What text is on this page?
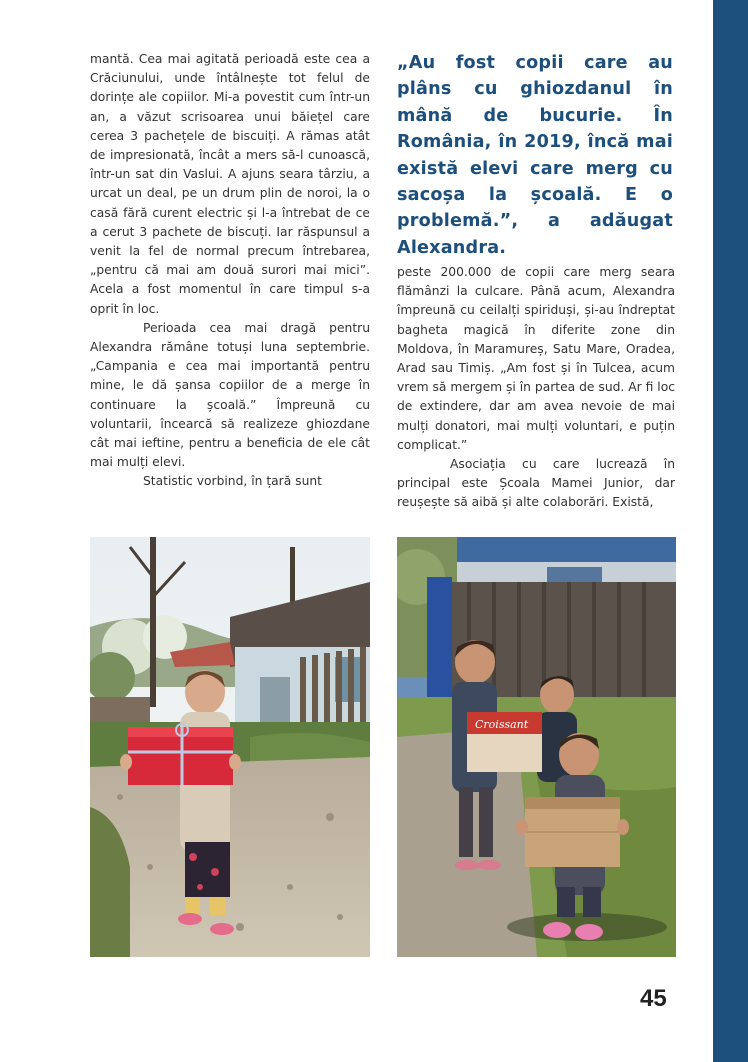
mantă. Cea mai agitată perioadă este cea a Crăciunului, unde întâlnește tot felul de dorințe ale copiilor. Mi-a povestit cum într-un an, a văzut scrisoarea unui băiețel care cerea 3 pachețele de biscuiți. A rămas atât de impresionată, încât a mers să-l cunoască, într-un sat din Vaslui. A ajuns seara târziu, a urcat un deal, pe un drum plin de noroi, la o casă fără curent electric și l-a întrebat de ce a cerut 3 pachete de biscuți. Iar răspunsul a venit la fel de normal precum întrebarea, „pentru că mai am două surori mai mici”. Acela a fost momentul în care timpul s-a oprit în loc.

Perioada cea mai dragă pentru Alexandra rămâne totuși luna septembrie. „Campania e cea mai importantă pentru mine, le dă șansa copiilor de a merge în continuare la școală.” Împreună cu voluntarii, încearcă să realizeze ghiozdane cât mai ieftine, pentru a beneficia de ele cât mai mulți elevi.

Statistic vorbind, în țară sunt

„Au fost copii care au plâns cu ghiozdanul în mână de bucurie. În România, în 2019, încă mai există elevi care merg cu sacoșa la școală. E o problemă.”, a adăugat Alexandra.

peste 200.000 de copii care merg seara flămânzi la culcare. Până acum, Alexandra împreună cu ceilalți spiriduși, și-au îndreptat bagheta magică în diferite zone din Moldova, în Maramureș, Satu Mare, Oradea, Arad sau Timiș. „Am fost și în Tulcea, acum vrem să mergem și în partea de sud. Ar fi loc de extindere, dar am avea nevoie de mai mulți donatori, mai mulți voluntari, e puțin complicat.”

Asociația cu care lucrează în principal este Școala Mamei Junior, dar reușește să aibă și alte colaborări. Există,

Croissant
45
